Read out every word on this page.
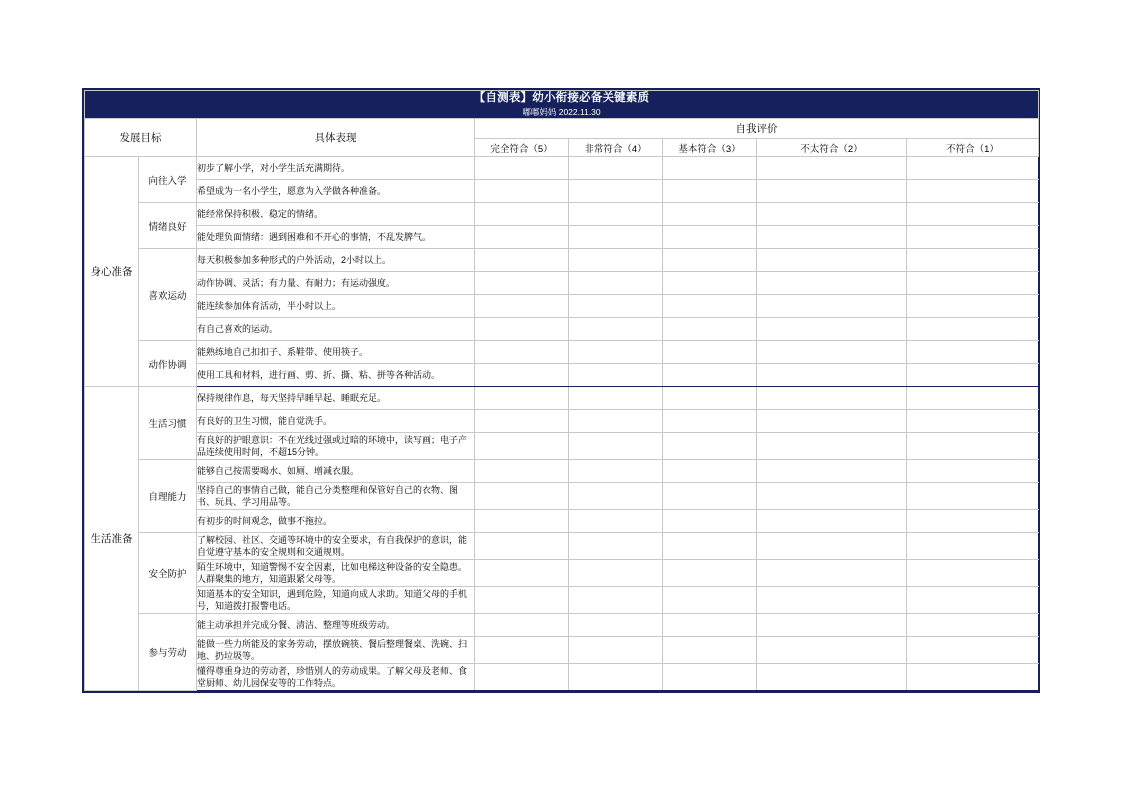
【自测表】幼小衔接必备关键素质
嘟嘟妈妈 2022.11.30							

发展目标		具体表现	自我评价				
			完全符合（5）	非常符合（4）	基本符合（3）	不太符合（2）	不符合（1）
身心准备	向往入学	初步了解小学，对小学生活充满期待。					
		希望成为一名小学生，愿意为入学做各种准备。					
	情绪良好	能经常保持积极、稳定的情绪。					
		能处理负面情绪：遇到困难和不开心的事情，不乱发脾气。					
	喜欢运动	每天积极参加多种形式的户外活动，2小时以上。					
		动作协调、灵活；有力量、有耐力；有运动强度。					
		能连续参加体育活动，半小时以上。					
		有自己喜欢的运动。					
	动作协调	能熟练地自己扣扣子、系鞋带、使用筷子。					
		使用工具和材料，进行画、剪、折、撕、粘、拼等各种活动。					
生活准备	生活习惯	保持规律作息，每天坚持早睡早起、睡眠充足。					
		有良好的卫生习惯，能自觉洗手。					
		有良好的护眼意识：不在光线过强或过暗的环境中，读写画；电子产品连续使用时间，不超15分钟。					
	自理能力	能够自己按需要喝水、如厕、增减衣服。					
		坚持自己的事情自己做，能自己分类整理和保管好自己的衣物、图书、玩具、学习用品等。					
		有初步的时间观念，做事不拖拉。					
	安全防护	了解校园、社区、交通等环境中的安全要求，有自我保护的意识，能自觉遵守基本的安全规则和交通规则。					
		陌生环境中，知道警惕不安全因素，比如电梯这种设备的安全隐患。人群聚集的地方，知道跟紧父母等。					
		知道基本的安全知识，遇到危险，知道向成人求助。知道父母的手机号，知道拨打报警电话。					
	参与劳动	能主动承担并完成分餐、清洁、整理等班级劳动。					
		能做一些力所能及的家务劳动，摆放碗筷、餐后整理餐桌、洗碗、扫地、扔垃圾等。					
		懂得尊重身边的劳动者，珍惜别人的劳动成果。了解父母及老师、食堂厨师、幼儿园保安等的工作特点。					
